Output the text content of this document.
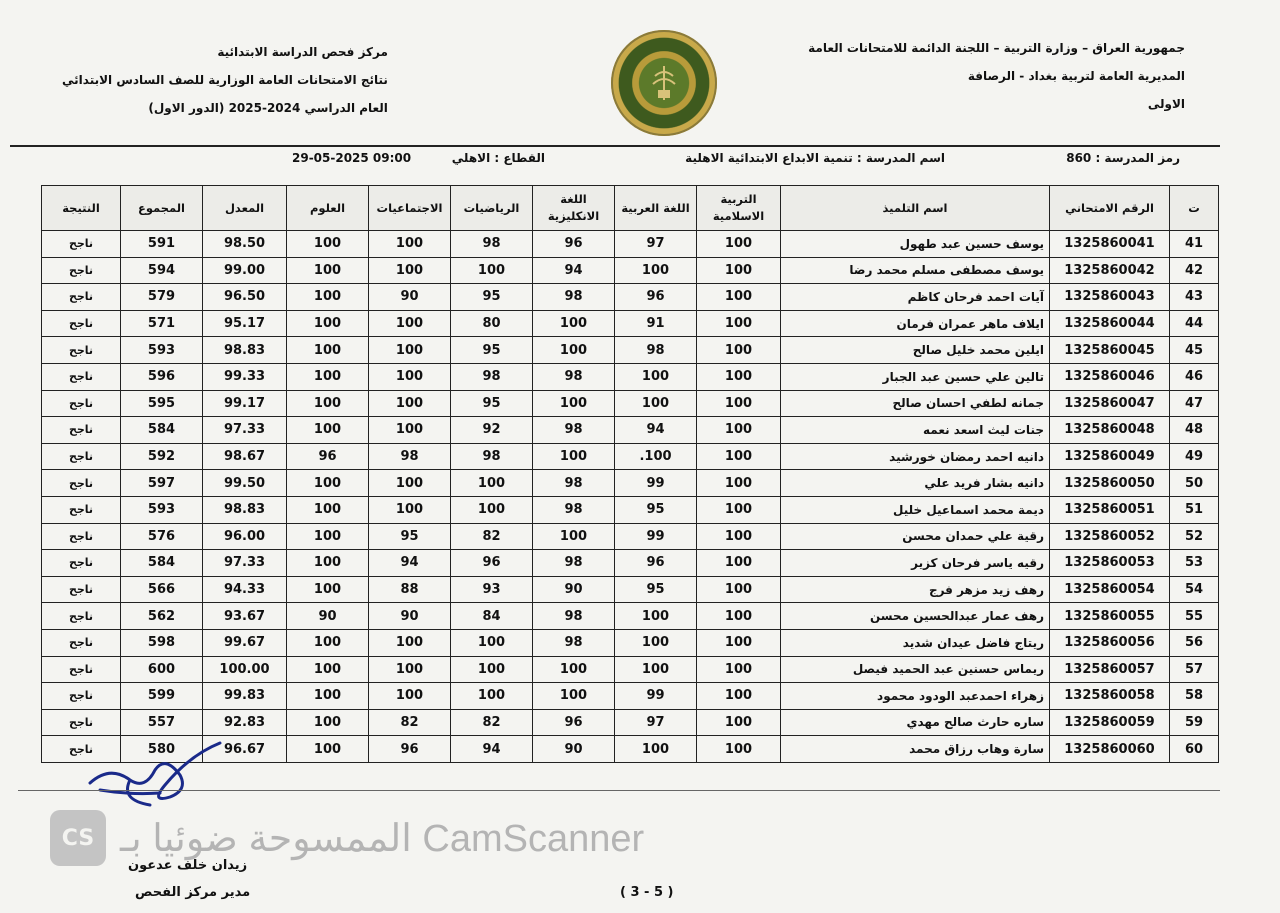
جمهورية العراق – وزارة التربية – اللجنة الدائمة للامتحانات العامة
المديرية العامة لتربية بغداد - الرصافة
الاولى
مركز فحص الدراسة الابتدائية
نتائج الامتحانات العامة الوزارية للصف السادس الابتدائي
العام الدراسي 2024-2025 (الدور الاول)
رمز المدرسة : 860
اسم المدرسة : تنمية الابداع الابتدائية الاهلية
القطاع : الاهلي
29-05-2025 09:00
ت	الرقم الامتحاني	اسم التلميذ	التربية الاسلامية	اللغة العربية	اللغة الانكليزية	الرياضيات	الاجتماعيات	العلوم	المعدل	المجموع	النتيجة
41	1325860041	يوسف حسين عبد طهول	100	97	96	98	100	100	98.50	591	ناجح
42	1325860042	يوسف مصطفى مسلم محمد رضا	100	100	94	100	100	100	99.00	594	ناجح
43	1325860043	آيات احمد فرحان كاظم	100	96	98	95	90	100	96.50	579	ناجح
44	1325860044	ايلاف ماهر عمران فرمان	100	91	100	80	100	100	95.17	571	ناجح
45	1325860045	ايلين محمد خليل صالح	100	98	100	95	100	100	98.83	593	ناجح
46	1325860046	تالين علي حسين عبد الجبار	100	100	98	98	100	100	99.33	596	ناجح
47	1325860047	جمانه لطفي احسان صالح	100	100	100	95	100	100	99.17	595	ناجح
48	1325860048	جنات ليث اسعد نعمه	100	94	98	92	100	100	97.33	584	ناجح
49	1325860049	دانيه احمد رمضان خورشيد	100	100.	100	98	98	96	98.67	592	ناجح
50	1325860050	دانيه بشار فريد علي	100	99	98	100	100	100	99.50	597	ناجح
51	1325860051	ديمة محمد اسماعيل خليل	100	95	98	100	100	100	98.83	593	ناجح
52	1325860052	رقية علي حمدان محسن	100	99	100	82	95	100	96.00	576	ناجح
53	1325860053	رقيه ياسر فرحان كزير	100	96	98	96	94	100	97.33	584	ناجح
54	1325860054	رهف زيد مزهر فرج	100	95	90	93	88	100	94.33	566	ناجح
55	1325860055	رهف عمار عبدالحسين محسن	100	100	98	84	90	90	93.67	562	ناجح
56	1325860056	ريتاج فاضل عيدان شديد	100	100	98	100	100	100	99.67	598	ناجح
57	1325860057	ريماس حسنين عبد الحميد فيصل	100	100	100	100	100	100	100.00	600	ناجح
58	1325860058	زهراء احمدعبد الودود محمود	100	99	100	100	100	100	99.83	599	ناجح
59	1325860059	ساره حارث صالح مهدي	100	97	96	82	82	100	92.83	557	ناجح
60	1325860060	سارة وهاب رزاق محمد	100	100	90	94	96	100	96.67	580	ناجح
CS الممسوحة ضوئيا بـ CamScanner
زيدان خلف عدعون
مدير مركز الفحص	( 3 - 5 )
